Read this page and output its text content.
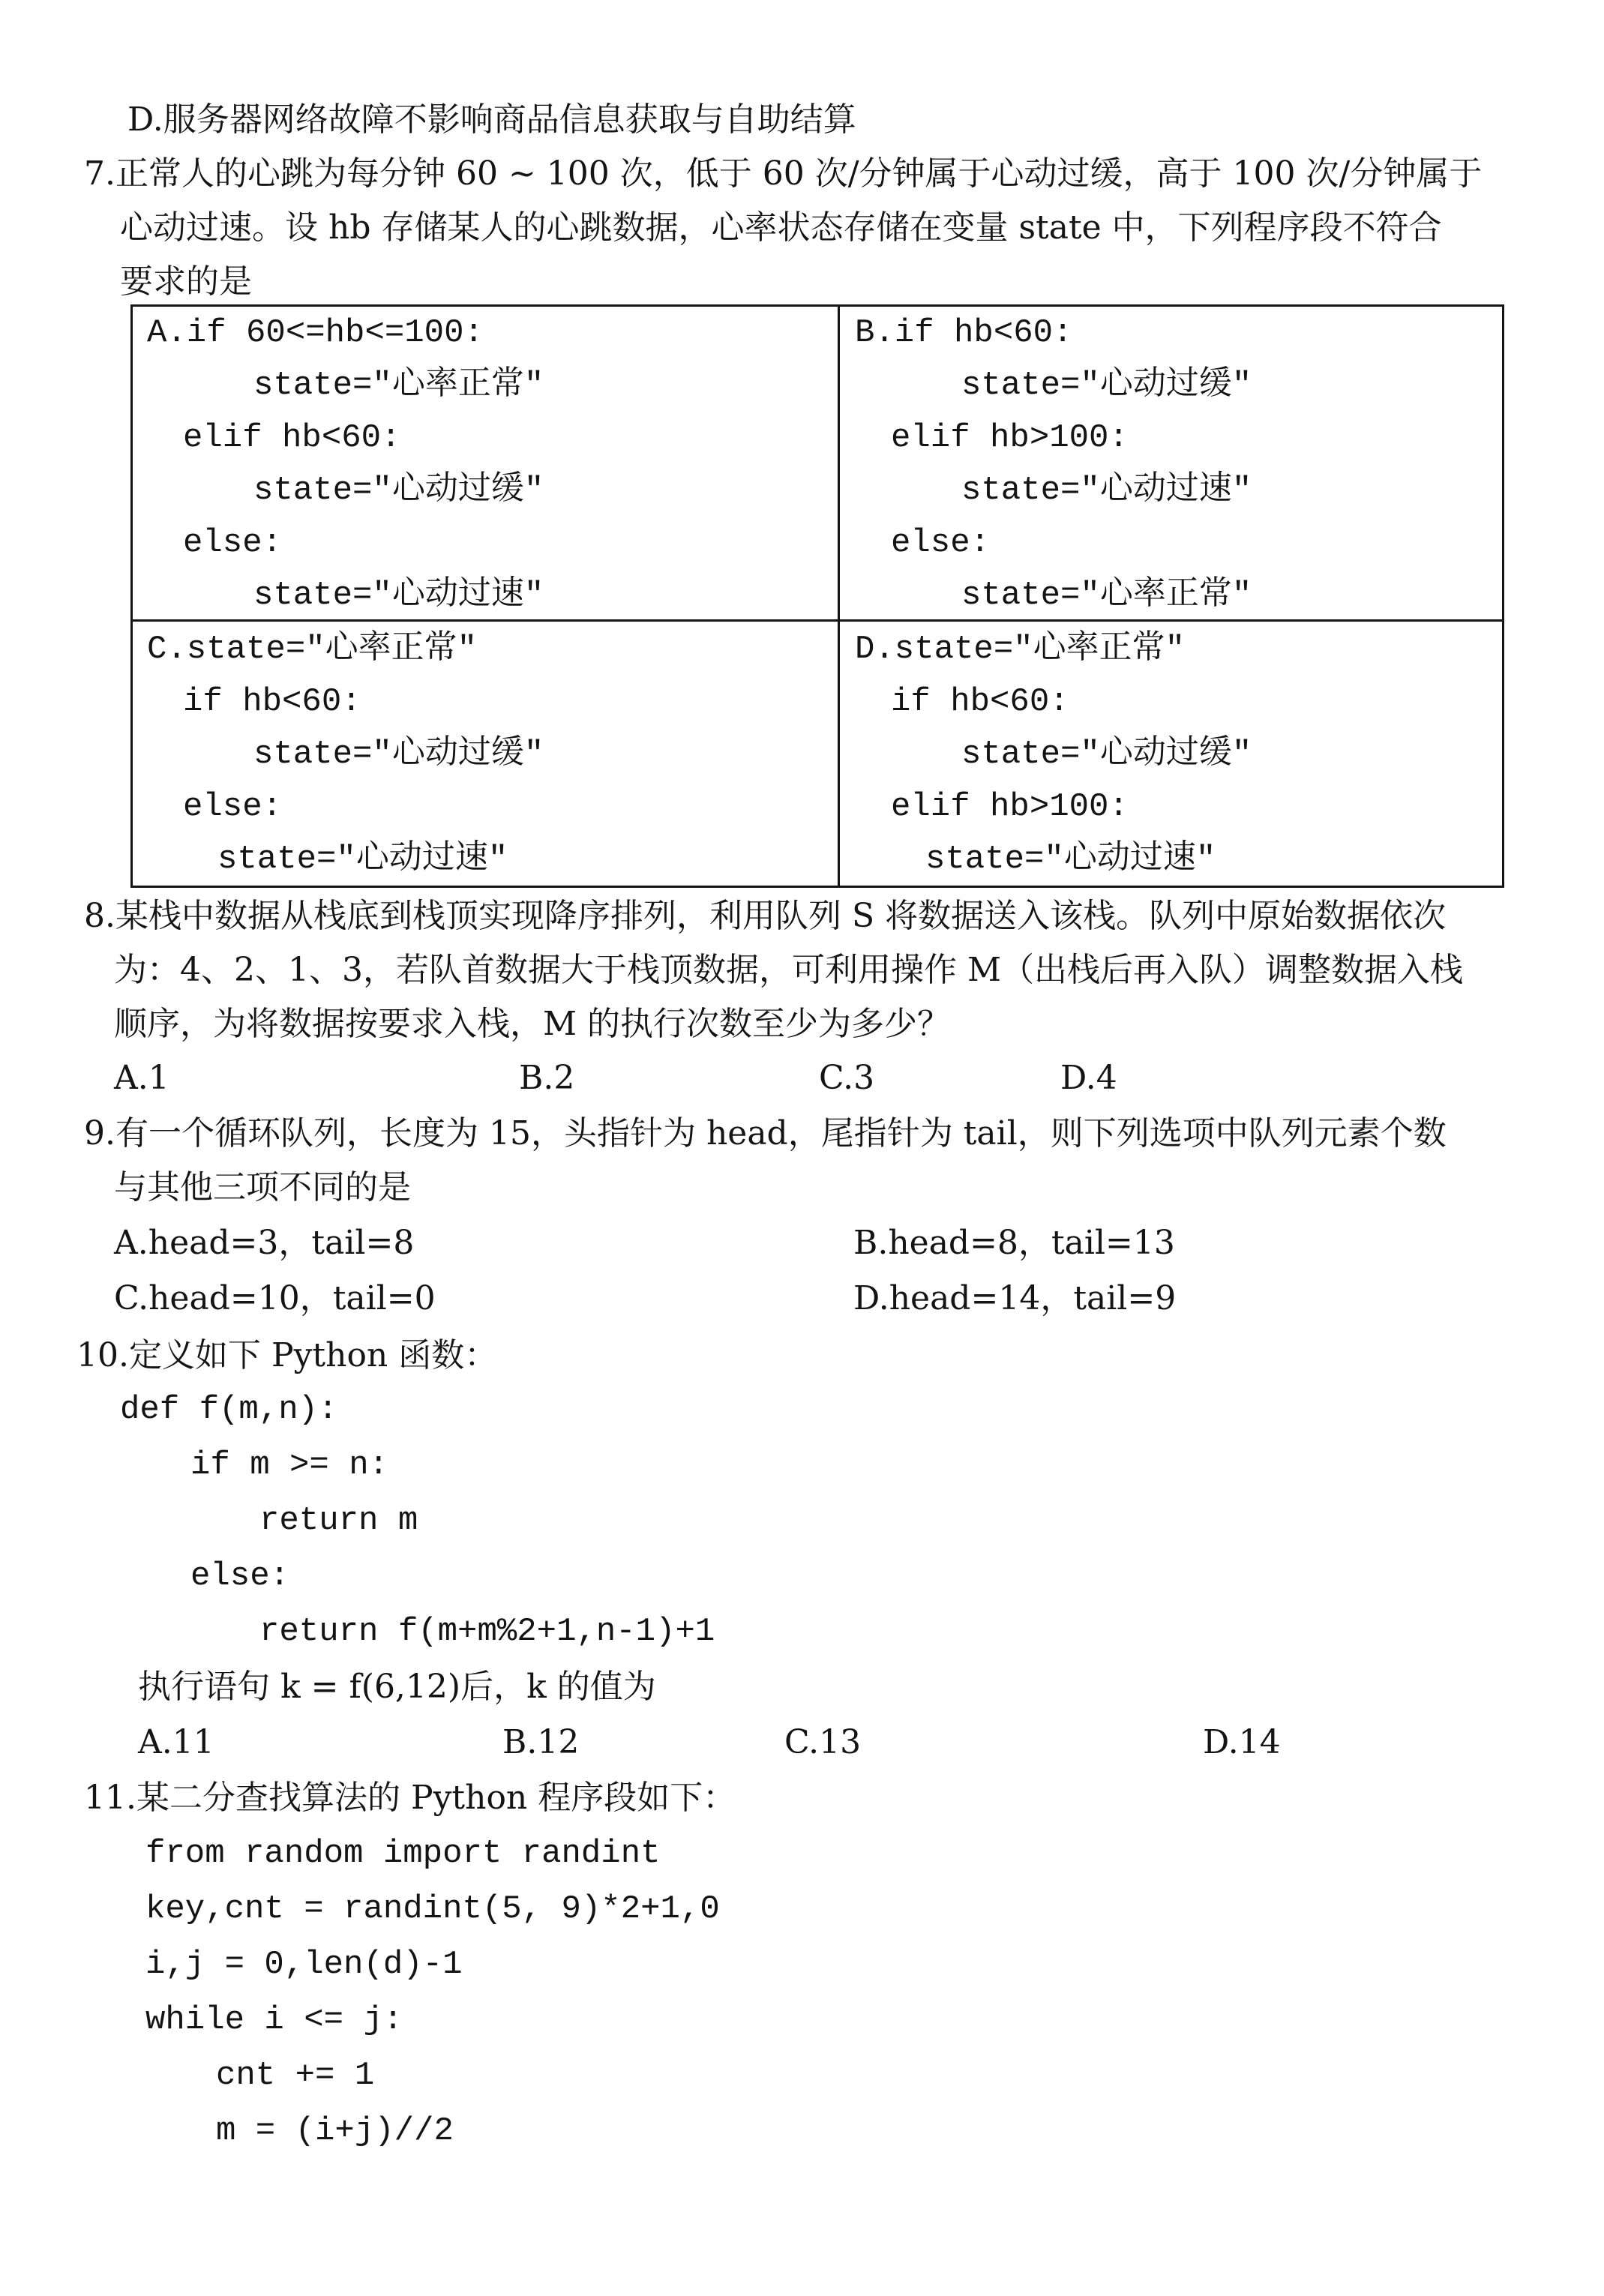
D.服务器网络故障不影响商品信息获取与自助结算
7.正常人的心跳为每分钟 60 ~ 100 次，低于 60 次/分钟属于心动过缓，高于 100 次/分钟属于
心动过速。设 hb 存储某人的心跳数据，心率状态存储在变量 state 中，下列程序段不符合
要求的是
A.if 60<=hb<=100:
state=″心率正常″
elif hb<60:
state=″心动过缓″
else:
state=″心动过速″
B.if hb<60:
state=″心动过缓″
elif hb>100:
state=″心动过速″
else:
state=″心率正常″
C.state=″心率正常″
if hb<60:
state=″心动过缓″
else:
state=″心动过速″
D.state=″心率正常″
if hb<60:
state=″心动过缓″
elif hb>100:
state=″心动过速″
8.某栈中数据从栈底到栈顶实现降序排列，利用队列 S 将数据送入该栈。队列中原始数据依次
为：4、2、1、3，若队首数据大于栈顶数据，可利用操作 M（出栈后再入队）调整数据入栈
顺序，为将数据按要求入栈，M 的执行次数至少为多少？
A.1	B.2	C.3	D.4
9.有一个循环队列，长度为 15，头指针为 head，尾指针为 tail，则下列选项中队列元素个数
与其他三项不同的是
A.head=3，tail=8	B.head=8，tail=13
C.head=10，tail=0	D.head=14，tail=9
10.定义如下 Python 函数：
def f(m,n):
if m >= n:
return m
else:
return f(m+m%2+1,n-1)+1
执行语句 k = f(6,12)后，k 的值为
A.11	B.12	C.13	D.14
11.某二分查找算法的 Python 程序段如下：
from random import randint
key,cnt = randint(5, 9)*2+1,0
i,j = 0,len(d)-1
while i <= j:
cnt += 1
m = (i+j)//2
